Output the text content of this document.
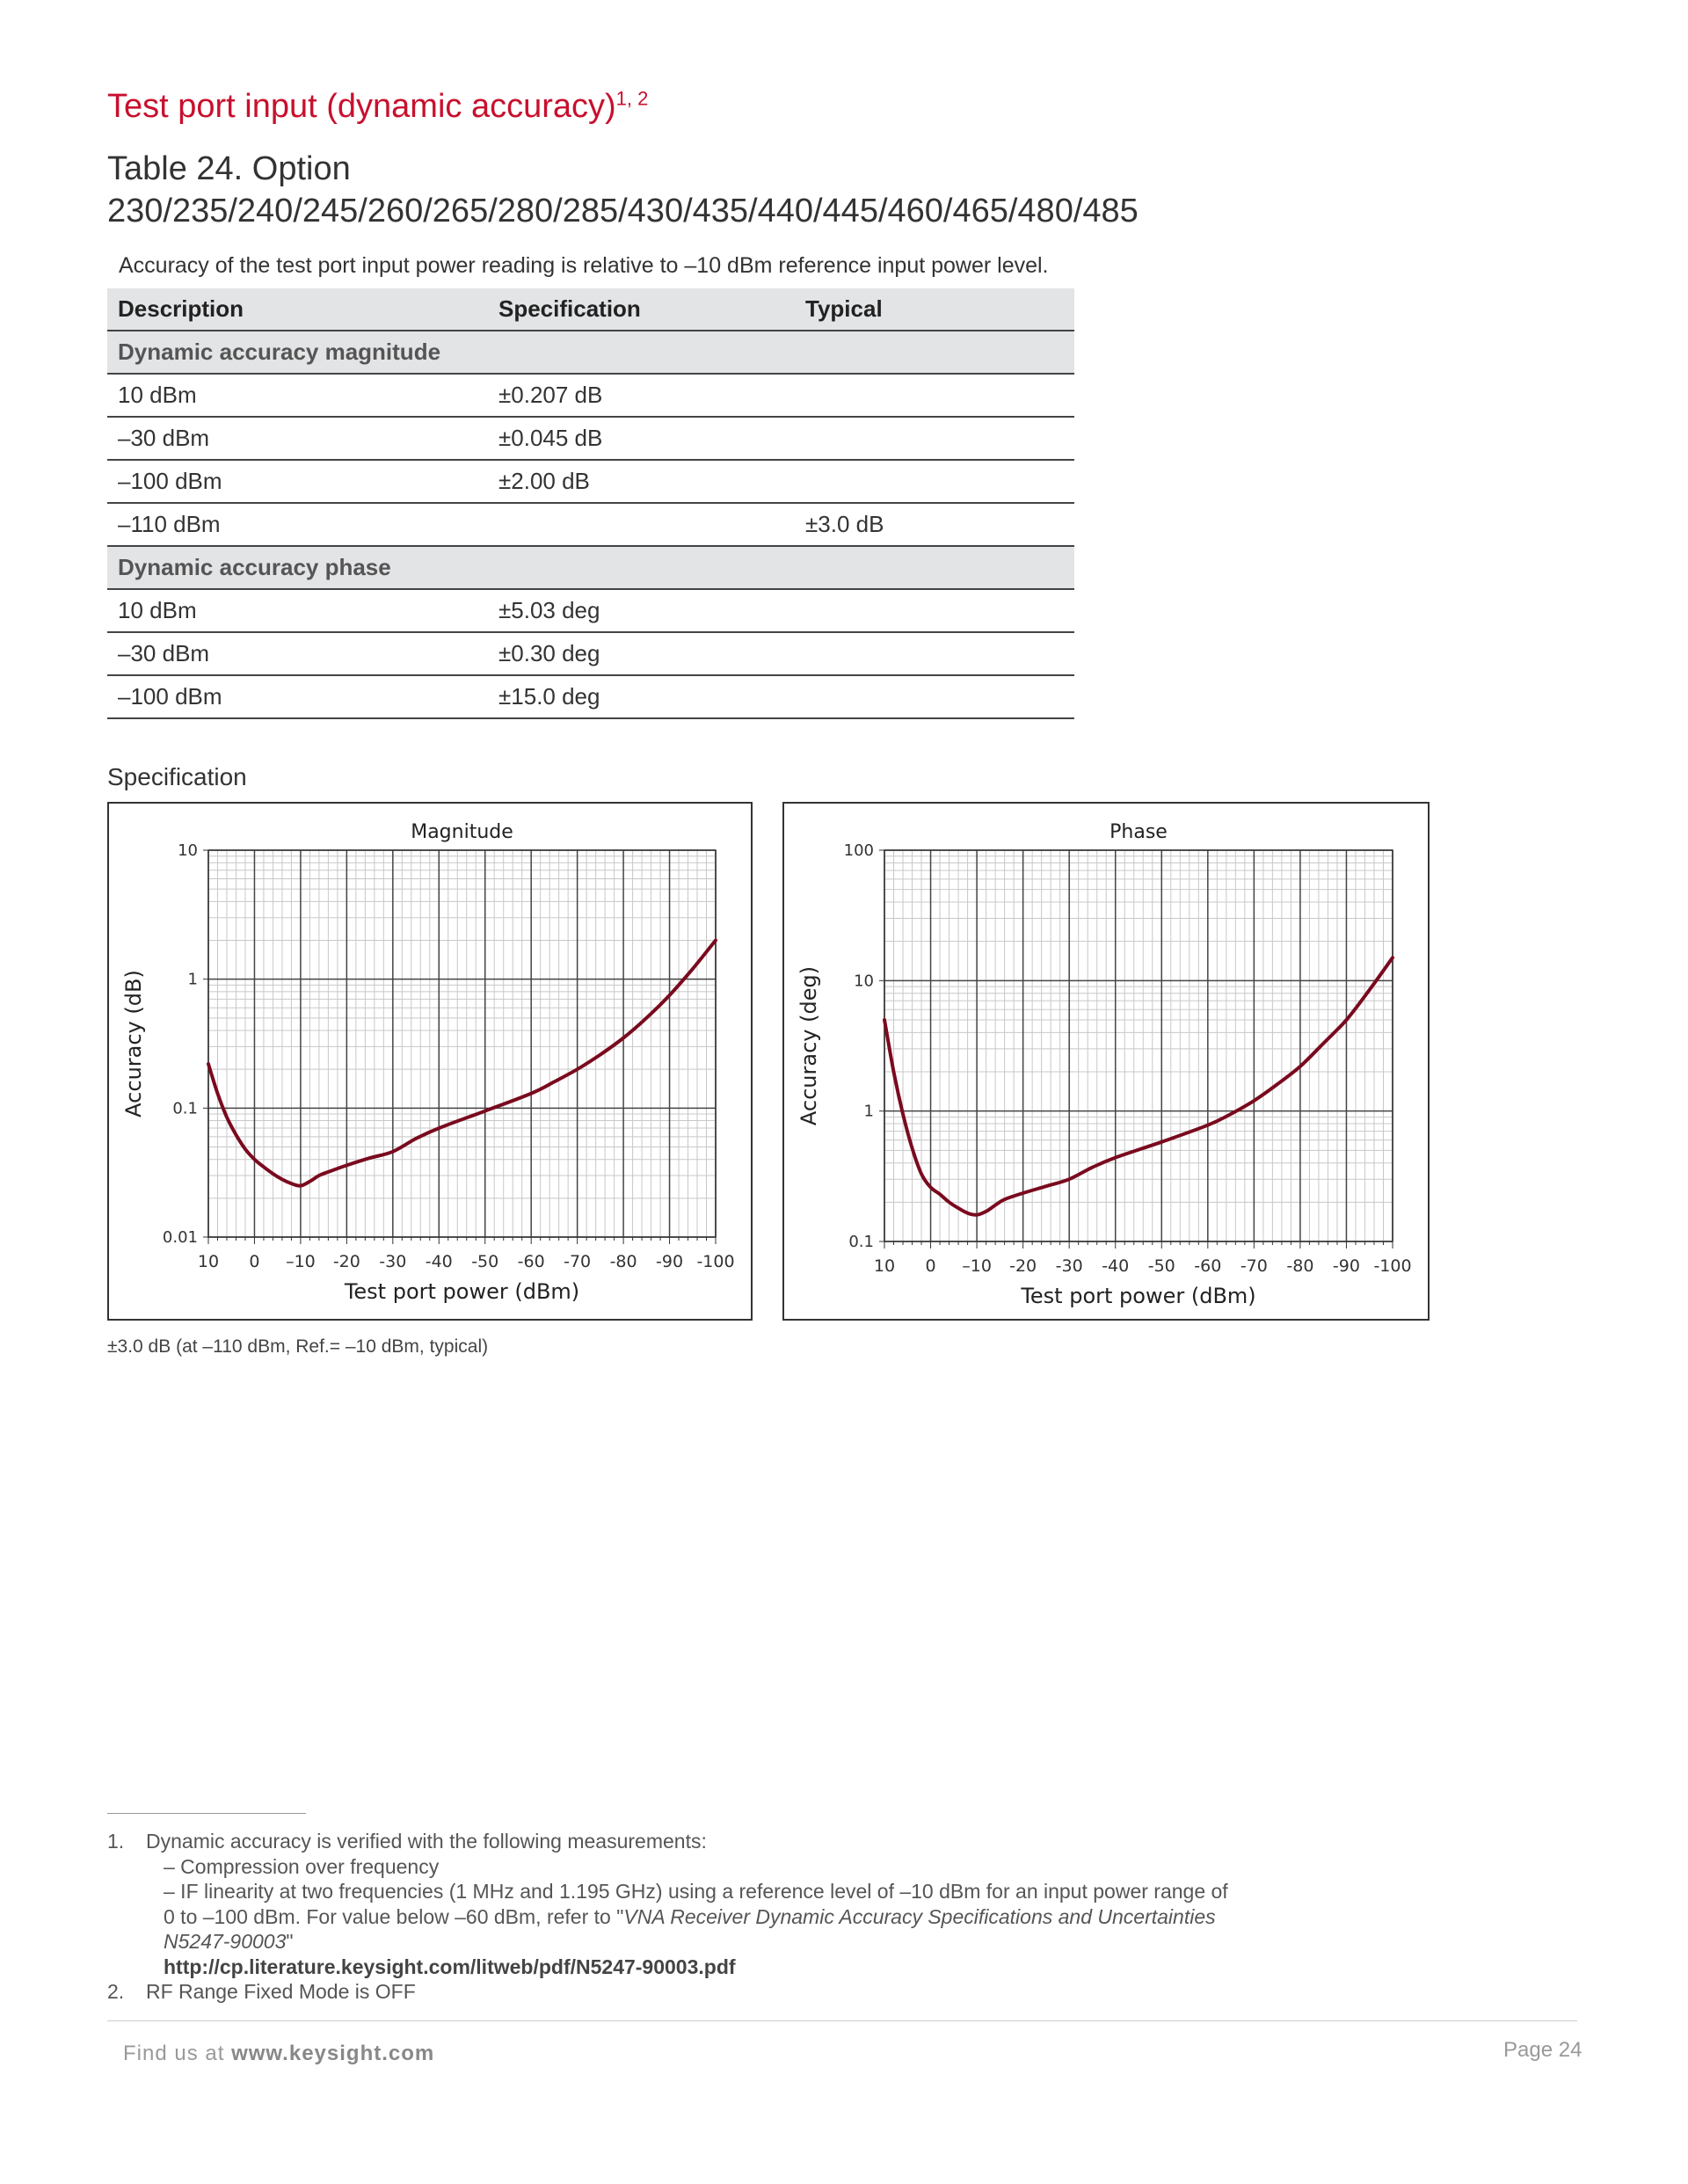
Test port input (dynamic accuracy)$^{1, 2}$
Table 24. Option 230/235/240/245/260/265/280/285/430/435/440/445/460/465/480/485
Accuracy of the test port input power reading is relative to –10 dBm reference input power level.
Description	Specification	Typical
Dynamic accuracy magnitude		
10 dBm	±0.207 dB	
–30 dBm	±0.045 dB	
–100 dBm	±2.00 dB	
–110 dBm		±3.0 dB
Dynamic accuracy phase		
10 dBm	±5.03 deg	
–30 dBm	±0.30 deg	
–100 dBm	±15.0 deg	
Specification
10 0 –10 -20 -30 -40 -50 -60 -70 -80 -90 -100
10
1
0.1
0.01
Magnitude
Test port power (dBm)
Accuracy (dB)
10 0 –10 -20 -30 -40 -50 -60 -70 -80 -90 -100
100
10
1
0.1
Phase
Test port power (dBm)
Accuracy (deg)
±3.0 dB (at –110 dBm, Ref.= –10 dBm, typical)
1. Dynamic accuracy is verified with the following measurements:
– Compression over frequency
– IF linearity at two frequencies (1 MHz and 1.195 GHz) using a reference level of –10 dBm for an input power range of
0 to –100 dBm. For value below –60 dBm, refer to "VNA Receiver Dynamic Accuracy Specifications and Uncertainties
N5247-90003"
http://cp.literature.keysight.com/litweb/pdf/N5247-90003.pdf
2. RF Range Fixed Mode is OFF
Find us at www.keysight.com	Page 24
